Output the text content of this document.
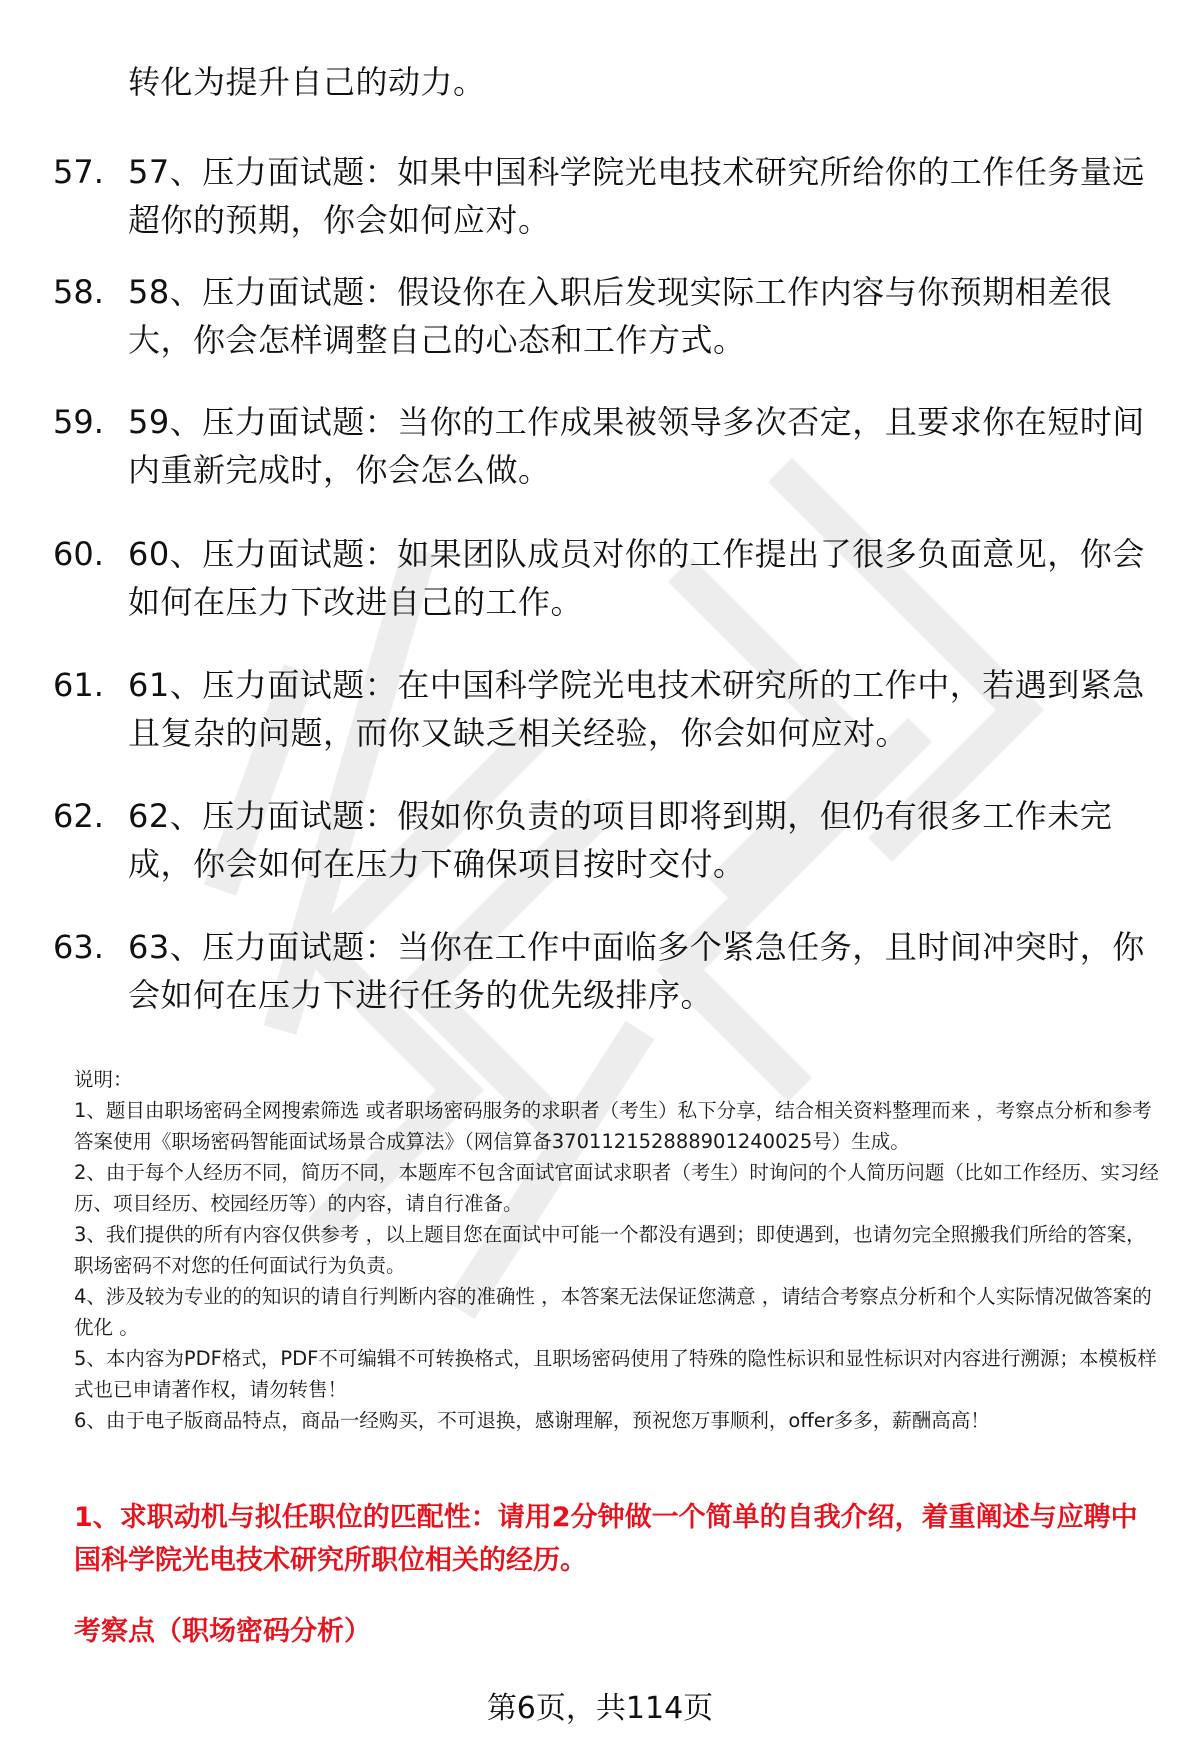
转化为提升自己的动力。
57. 57、压力面试题：如果中国科学院光电技术研究所给你的工作任务量远超你的预期，你会如何应对。
58. 58、压力面试题：假设你在入职后发现实际工作内容与你预期相差很大，你会怎样调整自己的心态和工作方式。
59. 59、压力面试题：当你的工作成果被领导多次否定，且要求你在短时间内重新完成时，你会怎么做。
60. 60、压力面试题：如果团队成员对你的工作提出了很多负面意见，你会如何在压力下改进自己的工作。
61. 61、压力面试题：在中国科学院光电技术研究所的工作中，若遇到紧急且复杂的问题，而你又缺乏相关经验，你会如何应对。
62. 62、压力面试题：假如你负责的项目即将到期，但仍有很多工作未完成，你会如何在压力下确保项目按时交付。
63. 63、压力面试题：当你在工作中面临多个紧急任务，且时间冲突时，你会如何在压力下进行任务的优先级排序。

说明：

1、题目由职场密码全网搜索筛选 或者职场密码服务的求职者（考生）私下分享，结合相关资料整理而来 ，考察点分析和参考答案使用《职场密码智能面试场景合成算法》（网信算备370112152888901240025号）生成。

2、由于每个人经历不同，简历不同，本题库不包含面试官面试求职者（考生）时询问的个人简历问题（比如工作经历、实习经历、项目经历、校园经历等）的内容，请自行准备。

3、我们提供的所有内容仅供参考 ，以上题目您在面试中可能一个都没有遇到；即使遇到，也请勿完全照搬我们所给的答案，职场密码不对您的任何面试行为负责。

4、涉及较为专业的的知识的请自行判断内容的准确性 ，本答案无法保证您满意 ，请结合考察点分析和个人实际情况做答案的优化 。

5、本内容为PDF格式，PDF不可编辑不可转换格式，且职场密码使用了特殊的隐性标识和显性标识对内容进行溯源；本模板样式也已申请著作权，请勿转售！

6、由于电子版商品特点，商品一经购买，不可退换，感谢理解，预祝您万事顺利，offer多多，薪酬高高！

1、求职动机与拟任职位的匹配性：请用2分钟做一个简单的自我介绍，着重阐述与应聘中国科学院光电技术研究所职位相关的经历。
考察点（职场密码分析）
第6页，共114页
